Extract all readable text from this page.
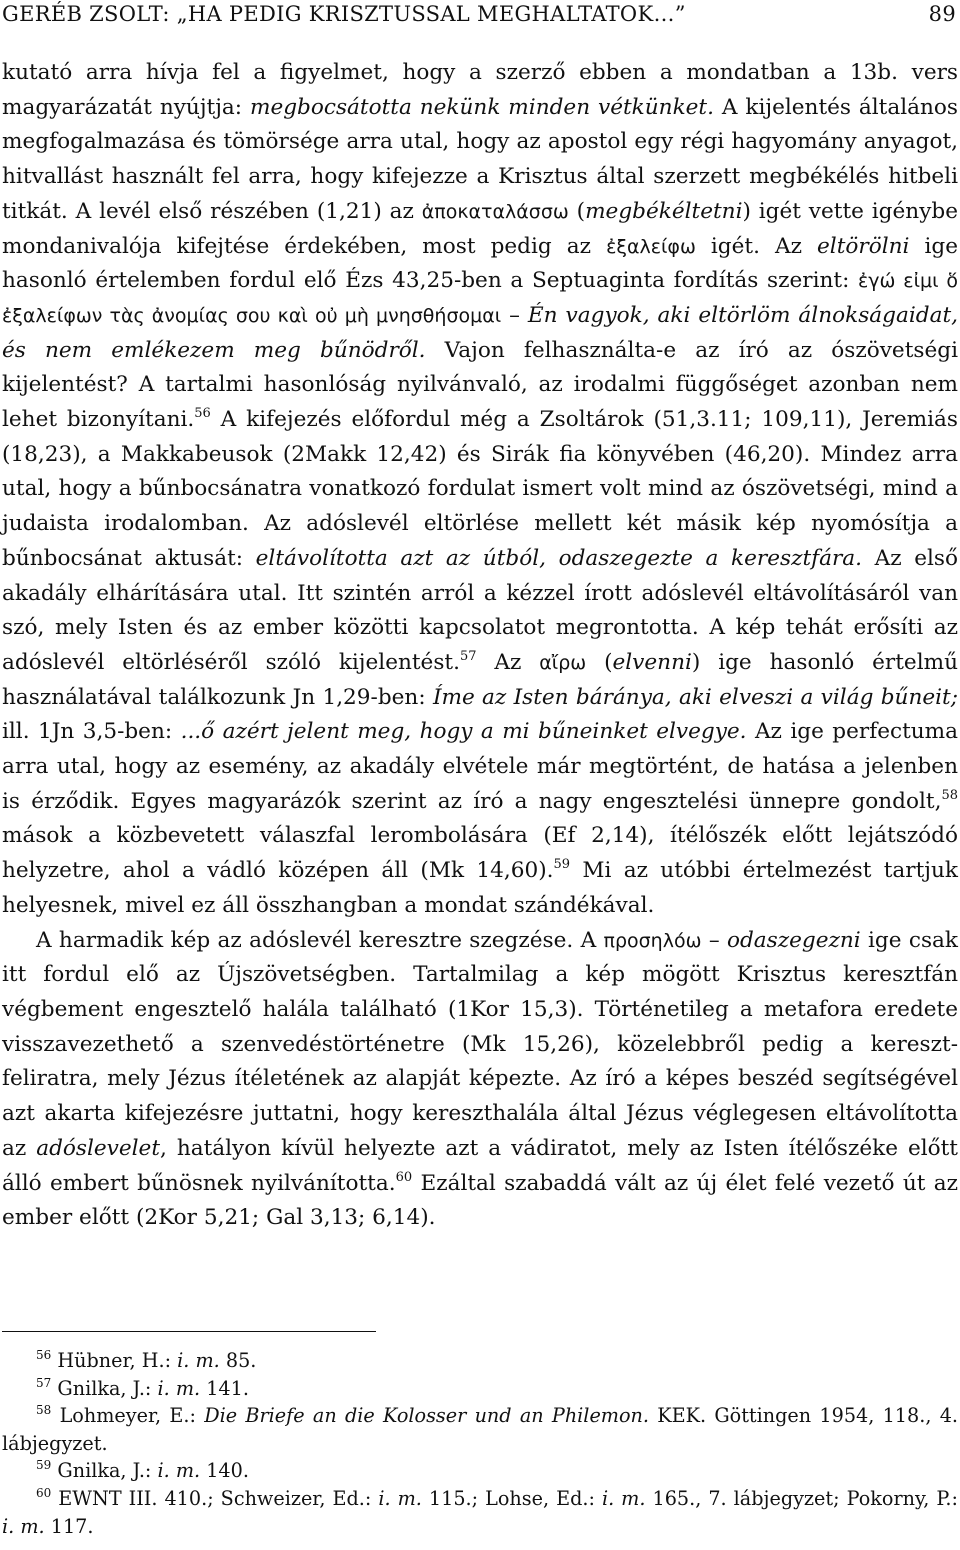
GERÉB ZSOLT: „HA PEDIG KRISZTUSSAL MEGHALTATOK…”	89

kutató arra hívja fel a figyelmet, hogy a szerző ebben a mondatban a 13b. vers magyarázatát nyújtja: megbocsátotta nekünk minden vétkünket. A kijelentés általános megfogalmazása és tömörsége arra utal, hogy az apostol egy régi hagyomány anyagot, hitvallást használt fel arra, hogy kifejezze a Krisztus által szerzett megbékélés hitbeli titkát. A levél első részében (1,21) az ἀποκαταλάσσω (megbékéltetni) igét vette igénybe mondanivalója kifejtése érdekében, most pedig az ἐξαλείφω igét. Az eltörölni ige hasonló értelemben fordul elő Ézs 43,25-ben a Septuaginta fordítás szerint: ἐγώ εἰμι ὅ ἐξαλείφων τὰς ἀνομίας σου καὶ οὐ μὴ μνησθήσομαι – Én vagyok, aki eltörlöm álnokságaidat, és nem emlékezem meg bűnödről. Vajon felhasználta-e az író az ószövetségi kijelentést? A tartalmi hasonlóság nyilvánvaló, az irodalmi függőséget azonban nem lehet bizonyítani.$^{56}$ A kifejezés előfordul még a Zsoltárok (51,3.11; 109,11), Jeremiás (18,23), a Makkabeusok (2Makk 12,42) és Sirák fia könyvében (46,20). Mindez arra utal, hogy a bűnbocsánatra vonatkozó fordulat ismert volt mind az ószövetségi, mind a judaista irodalomban. Az adóslevél eltörlése mellett két másik kép nyomósítja a bűnbocsánat aktusát: eltávolította azt az útból, odaszegezte a keresztfára. Az első akadály elhárítására utal. Itt szintén arról a kézzel írott adóslevél eltávolításáról van szó, mely Isten és az ember közötti kapcsolatot megrontotta. A kép tehát erősíti az adóslevél eltörléséről szóló kijelentést.$^{57}$ Az αἴρω (elvenni) ige hasonló értelmű használatával találkozunk Jn 1,29-ben: Íme az Isten báránya, aki elveszi a világ bűneit; ill. 1Jn 3,5-ben: ...ő azért jelent meg, hogy a mi bűneinket elvegye. Az ige perfectuma arra utal, hogy az esemény, az akadály elvétele már megtörtént, de hatása a jelenben is érződik. Egyes magyarázók szerint az író a nagy engesztelési ünnepre gondolt,$^{58}$ mások a közbevetett válaszfal lerombolására (Ef 2,14), ítélőszék előtt lejátszódó helyzetre, ahol a vádló középen áll (Mk 14,60).$^{59}$ Mi az utóbbi értelmezést tartjuk helyesnek, mivel ez áll összhangban a mondat szándékával.

A harmadik kép az adóslevél keresztre szegzése. A προσηλόω – odaszegezni ige csak itt fordul elő az Újszövetségben. Tartalmilag a kép mögött Krisztus keresztfán végbement engesztelő halála található (1Kor 15,3). Történetileg a metafora eredete visszavezethető a szenvedéstörténetre (Mk 15,26), közelebbről pedig a keresztfeliratra, mely Jézus ítéletének az alapját képezte. Az író a képes beszéd segítségével azt akarta kifejezésre juttatni, hogy kereszthalála által Jézus véglegesen eltávolította az adóslevelet, hatályon kívül helyezte azt a vádiratot, mely az Isten ítélőszéke előtt álló embert bűnösnek nyilvánította.$^{60}$ Ezáltal szabaddá vált az új élet felé vezető út az ember előtt (2Kor 5,21; Gal 3,13; 6,14).

$^{56}$ Hübner, H.: i. m. 85.

$^{57}$ Gnilka, J.: i. m. 141.

$^{58}$ Lohmeyer, E.: Die Briefe an die Kolosser und an Philemon. KEK. Göttingen 1954, 118., 4. lábjegyzet.

$^{59}$ Gnilka, J.: i. m. 140.

$^{60}$ EWNT III. 410.; Schweizer, Ed.: i. m. 115.; Lohse, Ed.: i. m. 165., 7. lábjegyzet; Pokorny, P.: i. m. 117.
